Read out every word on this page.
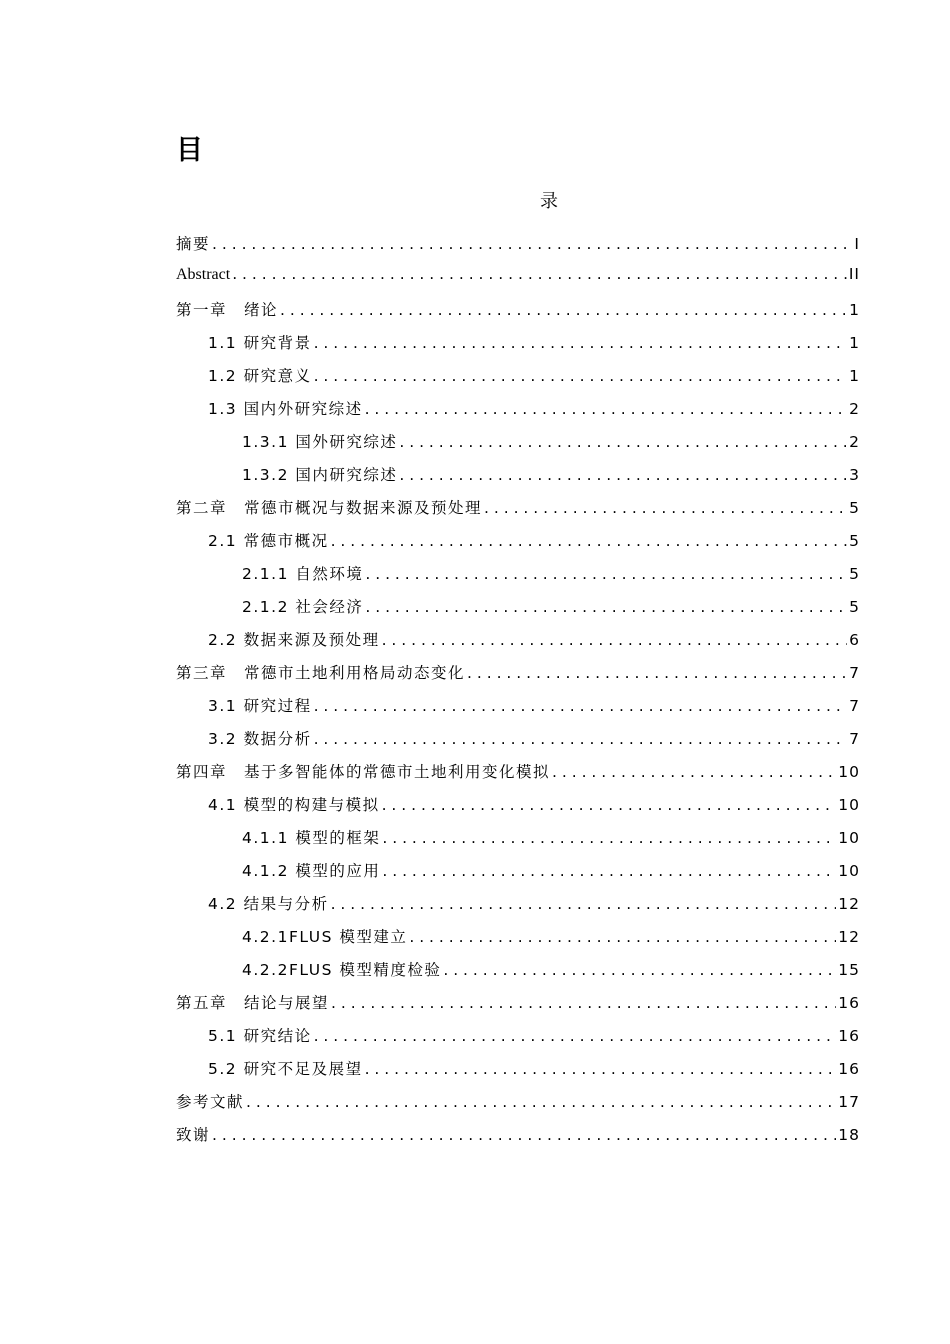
目
录
摘要 . . .	I
Abstract . . .	II
第一章　绪论 . . .	1
1.1 研究背景 . . .	1
1.2 研究意义 . . .	1
1.3 国内外研究综述 . . .	2
1.3.1 国外研究综述 . . .	2
1.3.2 国内研究综述 . . .	3
第二章　常德市概况与数据来源及预处理 . . .	5
2.1 常德市概况 . . .	5
2.1.1 自然环境 . . .	5
2.1.2 社会经济 . . .	5
2.2 数据来源及预处理 . . .	6
第三章　常德市土地利用格局动态变化 . . .	7
3.1 研究过程 . . .	7
3.2 数据分析 . . .	7
第四章　基于多智能体的常德市土地利用变化模拟 . . .	10
4.1 模型的构建与模拟 . . .	10
4.1.1 模型的框架 . . .	10
4.1.2 模型的应用 . . .	10
4.2 结果与分析 . . .	12
4.2.1FLUS 模型建立 . . .	12
4.2.2FLUS 模型精度检验 . . .	15
第五章　结论与展望 . . .	16
5.1 研究结论 . . .	16
5.2 研究不足及展望 . . .	16
参考文献 . . .	17
致谢 . . .	18
